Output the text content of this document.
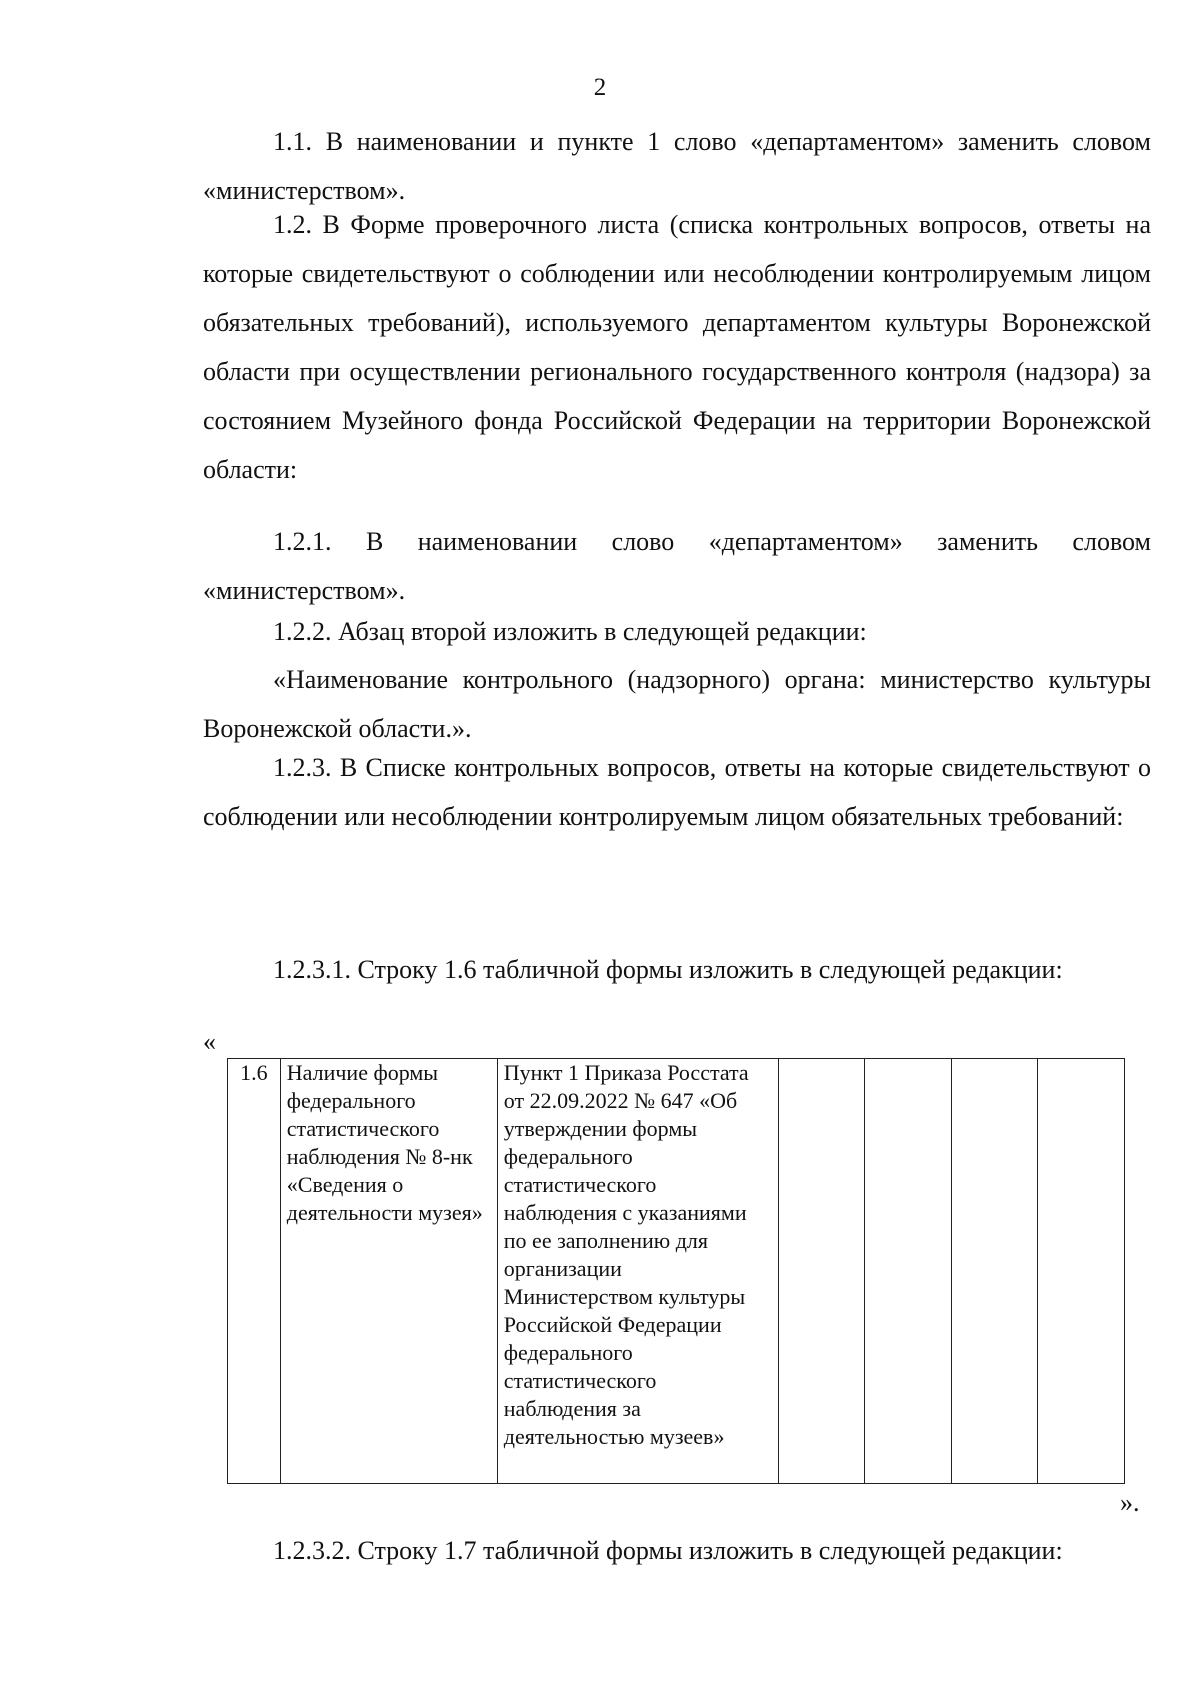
2

1.1. В наименовании и пункте 1 слово «департаментом» заменить словом «министерством».

1.2. В Форме проверочного листа (списка контрольных вопросов, ответы на которые свидетельствуют о соблюдении или несоблюдении контролируемым лицом обязательных требований), используемого департаментом культуры Воронежской области при осуществлении регионального государственного контроля (надзора) за состоянием Музейного фонда Российской Федерации на территории Воронежской области:

1.2.1. В наименовании слово «департаментом» заменить словом «министерством».

1.2.2. Абзац второй изложить в следующей редакции:

«Наименование контрольного (надзорного) органа: министерство культуры Воронежской области.».

1.2.3. В Списке контрольных вопросов, ответы на которые свидетельствуют о соблюдении или несоблюдении контролируемым лицом обязательных требований:

1.2.3.1. Строку 1.6 табличной формы изложить в следующей редакции:

«
1.6	Наличие формы федерального статистического наблюдения № 8-нк «Сведения о деятельности музея»	Пункт 1 Приказа Росстата от 22.09.2022 № 647 «Об утверждении формы федерального статистического наблюдения с указаниями по ее заполнению для организации Министерством культуры Российской Федерации федерального статистического наблюдения за деятельностью музеев»				
».

1.2.3.2. Строку 1.7 табличной формы изложить в следующей редакции:
